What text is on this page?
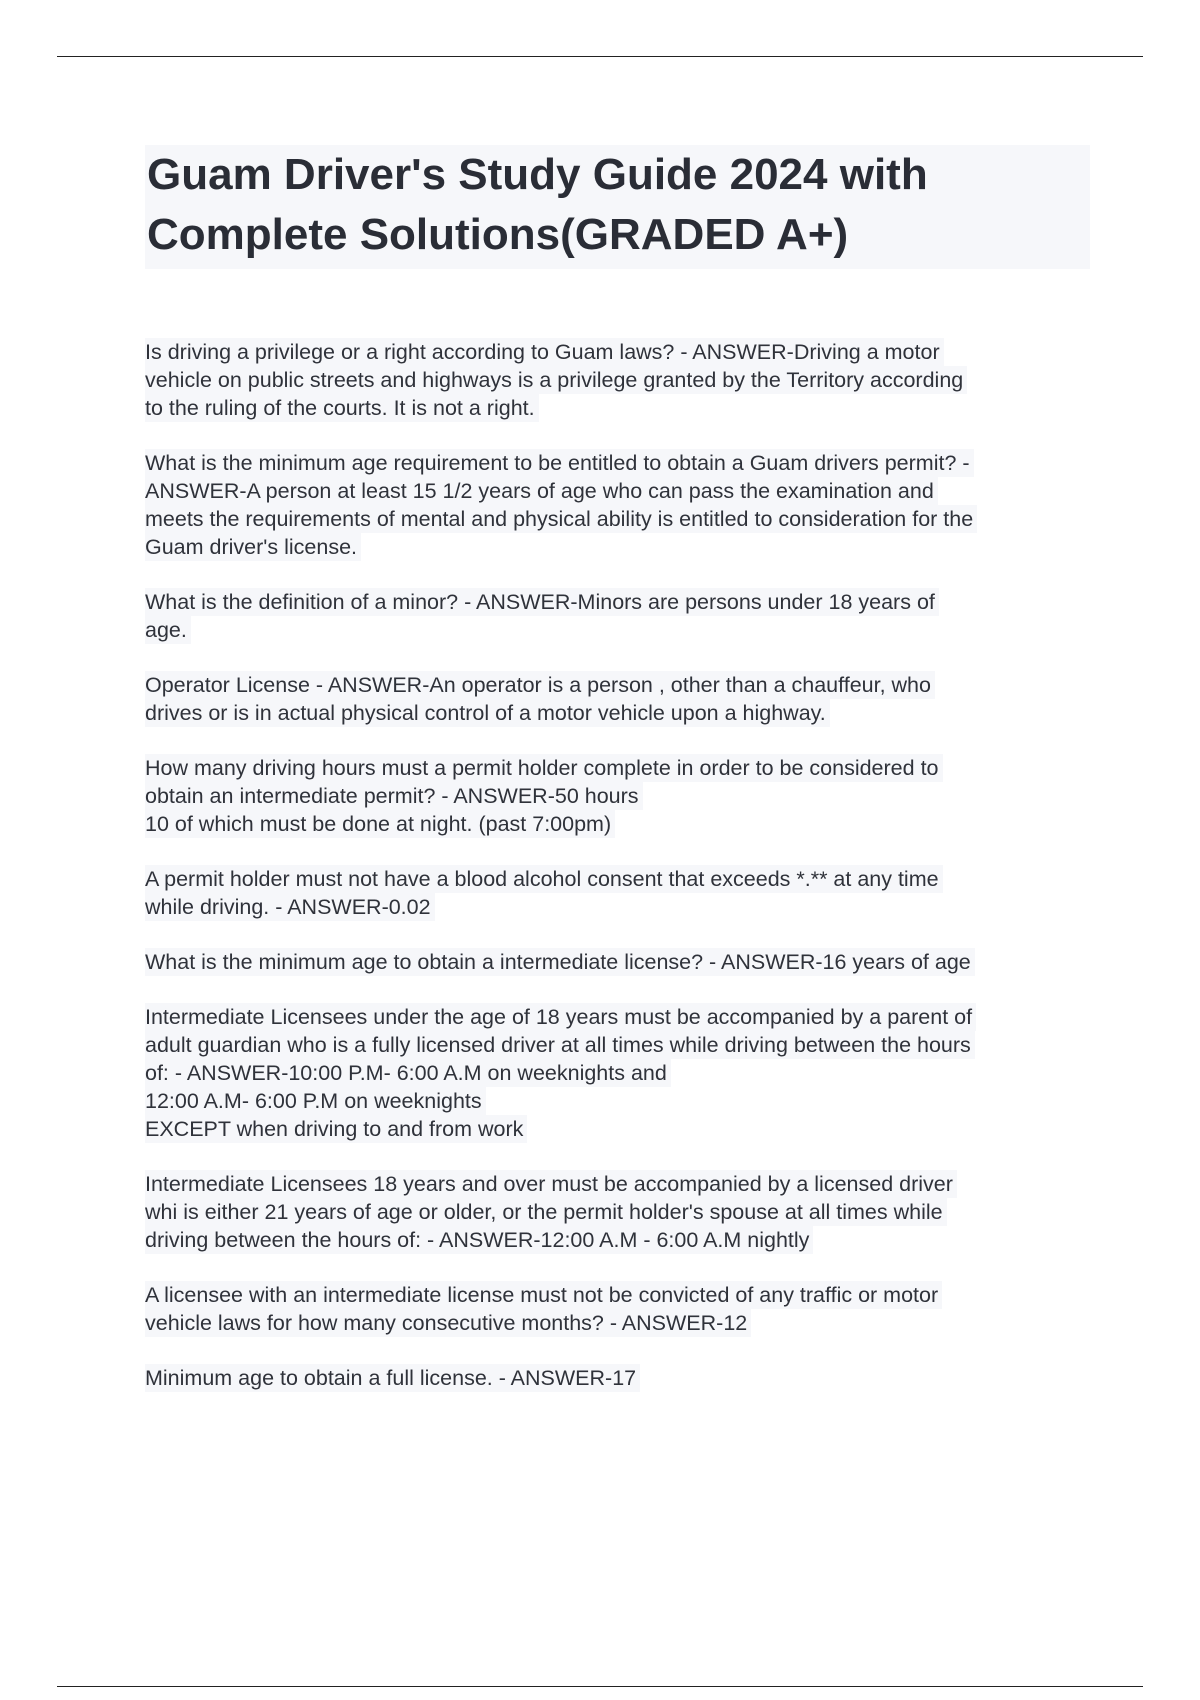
Guam Driver's Study Guide 2024 with
Complete Solutions(GRADED A+)
Is driving a privilege or a right according to Guam laws? - ANSWER-Driving a motor
vehicle on public streets and highways is a privilege granted by the Territory according
to the ruling of the courts. It is not a right.
What is the minimum age requirement to be entitled to obtain a Guam drivers permit? -
ANSWER-A person at least 15 1/2 years of age who can pass the examination and
meets the requirements of mental and physical ability is entitled to consideration for the
Guam driver's license.
What is the definition of a minor? - ANSWER-Minors are persons under 18 years of
age.
Operator License - ANSWER-An operator is a person , other than a chauffeur, who
drives or is in actual physical control of a motor vehicle upon a highway.
How many driving hours must a permit holder complete in order to be considered to
obtain an intermediate permit? - ANSWER-50 hours
10 of which must be done at night. (past 7:00pm)
A permit holder must not have a blood alcohol consent that exceeds *.** at any time
while driving. - ANSWER-0.02
What is the minimum age to obtain a intermediate license? - ANSWER-16 years of age
Intermediate Licensees under the age of 18 years must be accompanied by a parent of
adult guardian who is a fully licensed driver at all times while driving between the hours
of: - ANSWER-10:00 P.M- 6:00 A.M on weeknights and
12:00 A.M- 6:00 P.M on weeknights
EXCEPT when driving to and from work
Intermediate Licensees 18 years and over must be accompanied by a licensed driver
whi is either 21 years of age or older, or the permit holder's spouse at all times while
driving between the hours of: - ANSWER-12:00 A.M - 6:00 A.M nightly
A licensee with an intermediate license must not be convicted of any traffic or motor
vehicle laws for how many consecutive months? - ANSWER-12
Minimum age to obtain a full license. - ANSWER-17
